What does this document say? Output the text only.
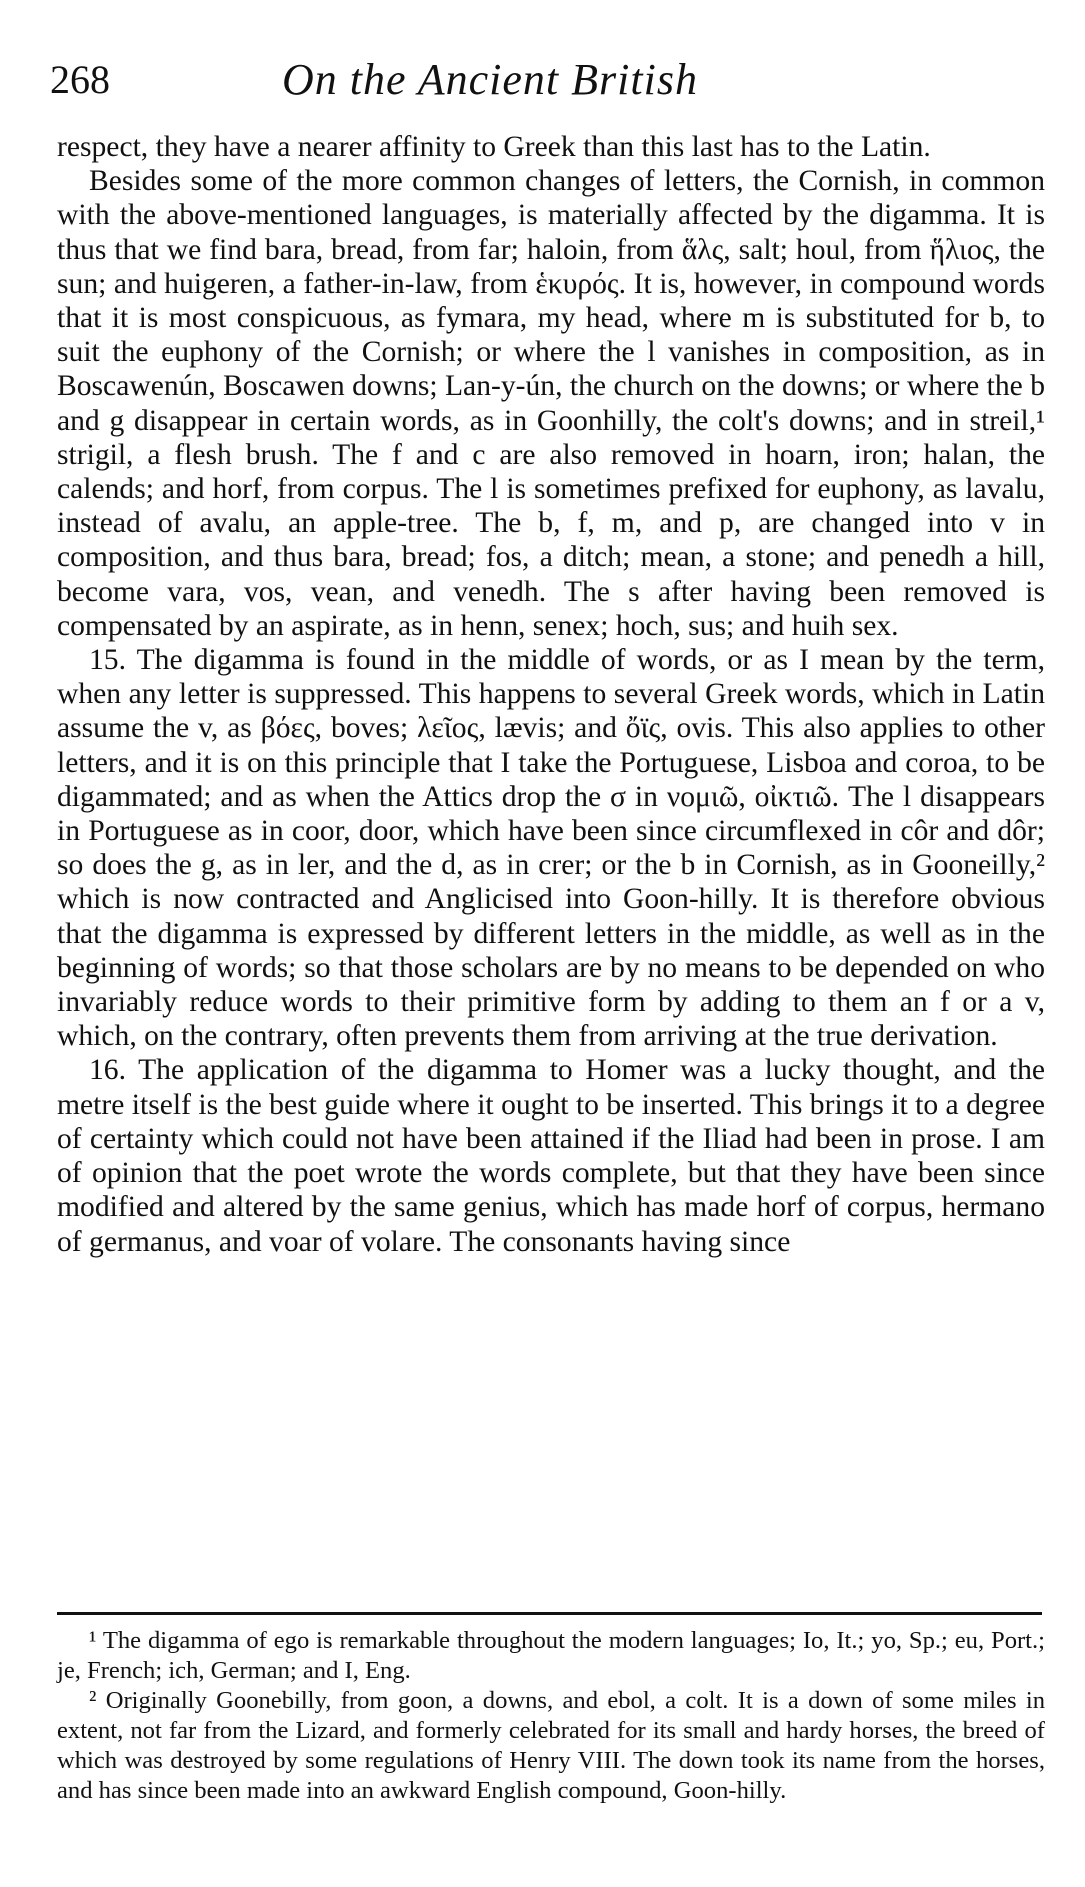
268	On the Ancient British

respect, they have a nearer affinity to Greek than this last has to the Latin.

Besides some of the more common changes of letters, the Cornish, in common with the above-mentioned languages, is materially affected by the digamma. It is thus that we find bara, bread, from far; haloin, from ἅλς, salt; houl, from ἥλιος, the sun; and huigeren, a father-in-law, from ἑκυρός. It is, however, in compound words that it is most conspicuous, as fymara, my head, where m is substituted for b, to suit the euphony of the Cornish; or where the l vanishes in composition, as in Boscawenún, Boscawen downs; Lan-y-ún, the church on the downs; or where the b and g disappear in certain words, as in Goonhilly, the colt's downs; and in streil,¹ strigil, a flesh brush. The f and c are also removed in hoarn, iron; halan, the calends; and horf, from corpus. The l is sometimes prefixed for euphony, as lavalu, instead of avalu, an apple-tree. The b, f, m, and p, are changed into v in composition, and thus bara, bread; fos, a ditch; mean, a stone; and penedh a hill, become vara, vos, vean, and venedh. The s after having been removed is compensated by an aspirate, as in henn, senex; hoch, sus; and huih sex.

15. The digamma is found in the middle of words, or as I mean by the term, when any letter is suppressed. This happens to several Greek words, which in Latin assume the v, as βόες, boves; λεῖος, lævis; and ὄϊς, ovis. This also applies to other letters, and it is on this principle that I take the Portuguese, Lisboa and coroa, to be digammated; and as when the Attics drop the σ in νομιῶ, οἰκτιῶ. The l disappears in Portuguese as in coor, door, which have been since circumflexed in côr and dôr; so does the g, as in ler, and the d, as in crer; or the b in Cornish, as in Gooneilly,² which is now contracted and Anglicised into Goon-hilly. It is therefore obvious that the digamma is expressed by different letters in the middle, as well as in the beginning of words; so that those scholars are by no means to be depended on who invariably reduce words to their primitive form by adding to them an f or a v, which, on the contrary, often prevents them from arriving at the true derivation.

16. The application of the digamma to Homer was a lucky thought, and the metre itself is the best guide where it ought to be inserted. This brings it to a degree of certainty which could not have been attained if the Iliad had been in prose. I am of opinion that the poet wrote the words complete, but that they have been since modified and altered by the same genius, which has made horf of corpus, hermano of germanus, and voar of volare. The consonants having since

¹ The digamma of ego is remarkable throughout the modern languages; Io, It.; yo, Sp.; eu, Port.; je, French; ich, German; and I, Eng.

² Originally Goonebilly, from goon, a downs, and ebol, a colt. It is a down of some miles in extent, not far from the Lizard, and formerly celebrated for its small and hardy horses, the breed of which was destroyed by some regulations of Henry VIII. The down took its name from the horses, and has since been made into an awkward English compound, Goon-hilly.
